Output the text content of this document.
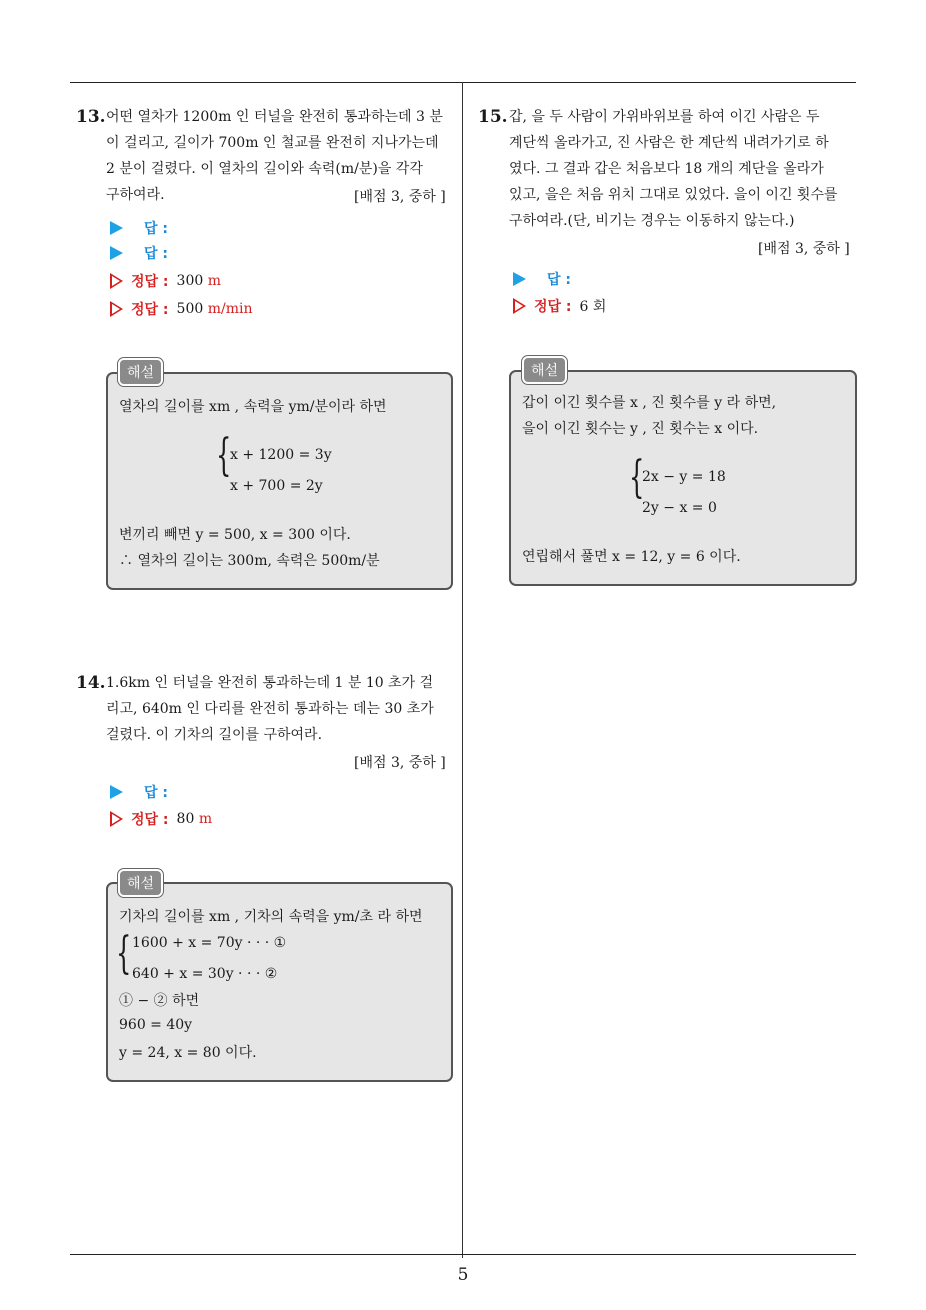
5
13. 어떤 열차가 1200m 인 터널을 완전히 통과하는데 3 분
이 걸리고, 길이가 700m 인 철교를 완전히 지나가는데
2 분이 걸렸다. 이 열차의 길이와 속력(m/분)을 각각
구하여라.	[배점 3, 중하 ]
답 :
답 :
정답 : 300
m
정답 : 500
m/min
열차의 길이를 xm , 속력을 ym/분이라 하면
{
x + 1200 = 3y
x + 700 = 2y
변끼리 빼면 y = 500, x = 300 이다.
∴ 열차의 길이는 300m, 속력은 500m/분
해설
14. 1.6km 인 터널을 완전히 통과하는데 1 분 10 초가 걸
리고, 640m 인 다리를 완전히 통과하는 데는 30 초가
걸렸다. 이 기차의 길이를 구하여라.
[배점 3, 중하 ]
답 :
정답 : 80
m
기차의 길이를 xm , 기차의 속력을 ym/초 라 하면
{ 1600 + x = 70y · · · ①
640 + x = 30y · · · ②
① − ② 하면
960 = 40y
y = 24, x = 80 이다.
해설
15. 갑, 을 두 사람이 가위바위보를 하여 이긴 사람은 두
계단씩 올라가고, 진 사람은 한 계단씩 내려가기로 하
였다. 그 결과 갑은 처음보다 18 개의 계단을 올라가
있고, 을은 처음 위치 그대로 있었다. 을이 이긴 횟수를
구하여라.(단, 비기는 경우는 이동하지 않는다.)
[배점 3, 중하 ]
답 :
정답 : 6 회
갑이 이긴 횟수를 x , 진 횟수를 y 라 하면,
을이 이긴 횟수는 y , 진 횟수는 x 이다.
{
2x − y = 18
2y − x = 0
연립해서 풀면 x = 12, y = 6 이다.
해설
